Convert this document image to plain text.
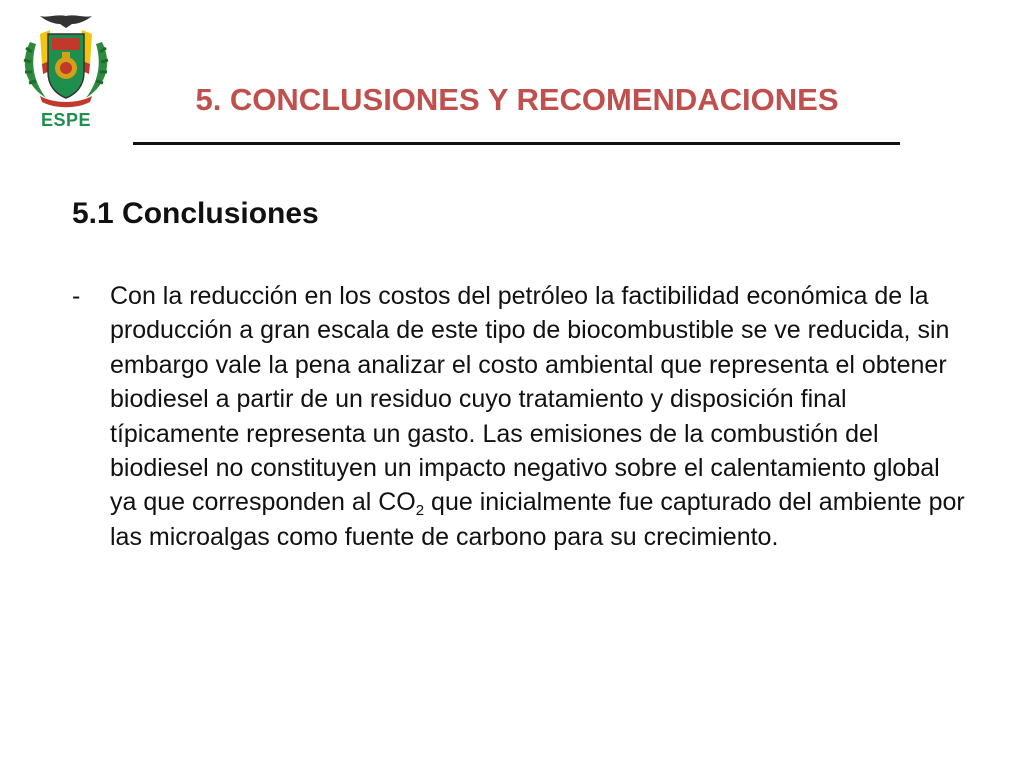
ESPE
5. CONCLUSIONES Y RECOMENDACIONES
5.1 Conclusiones
- Con la reducción en los costos del petróleo la factibilidad económica de la producción a gran escala de este tipo de biocombustible se ve reducida, sin embargo vale la pena analizar el costo ambiental que representa el obtener biodiesel a partir de un residuo cuyo tratamiento y disposición final típicamente representa un gasto. Las emisiones de la combustión del biodiesel no constituyen un impacto negativo sobre el calentamiento global ya que corresponden al $CO_2$ que inicialmente fue capturado del ambiente por las microalgas como fuente de carbono para su crecimiento.
